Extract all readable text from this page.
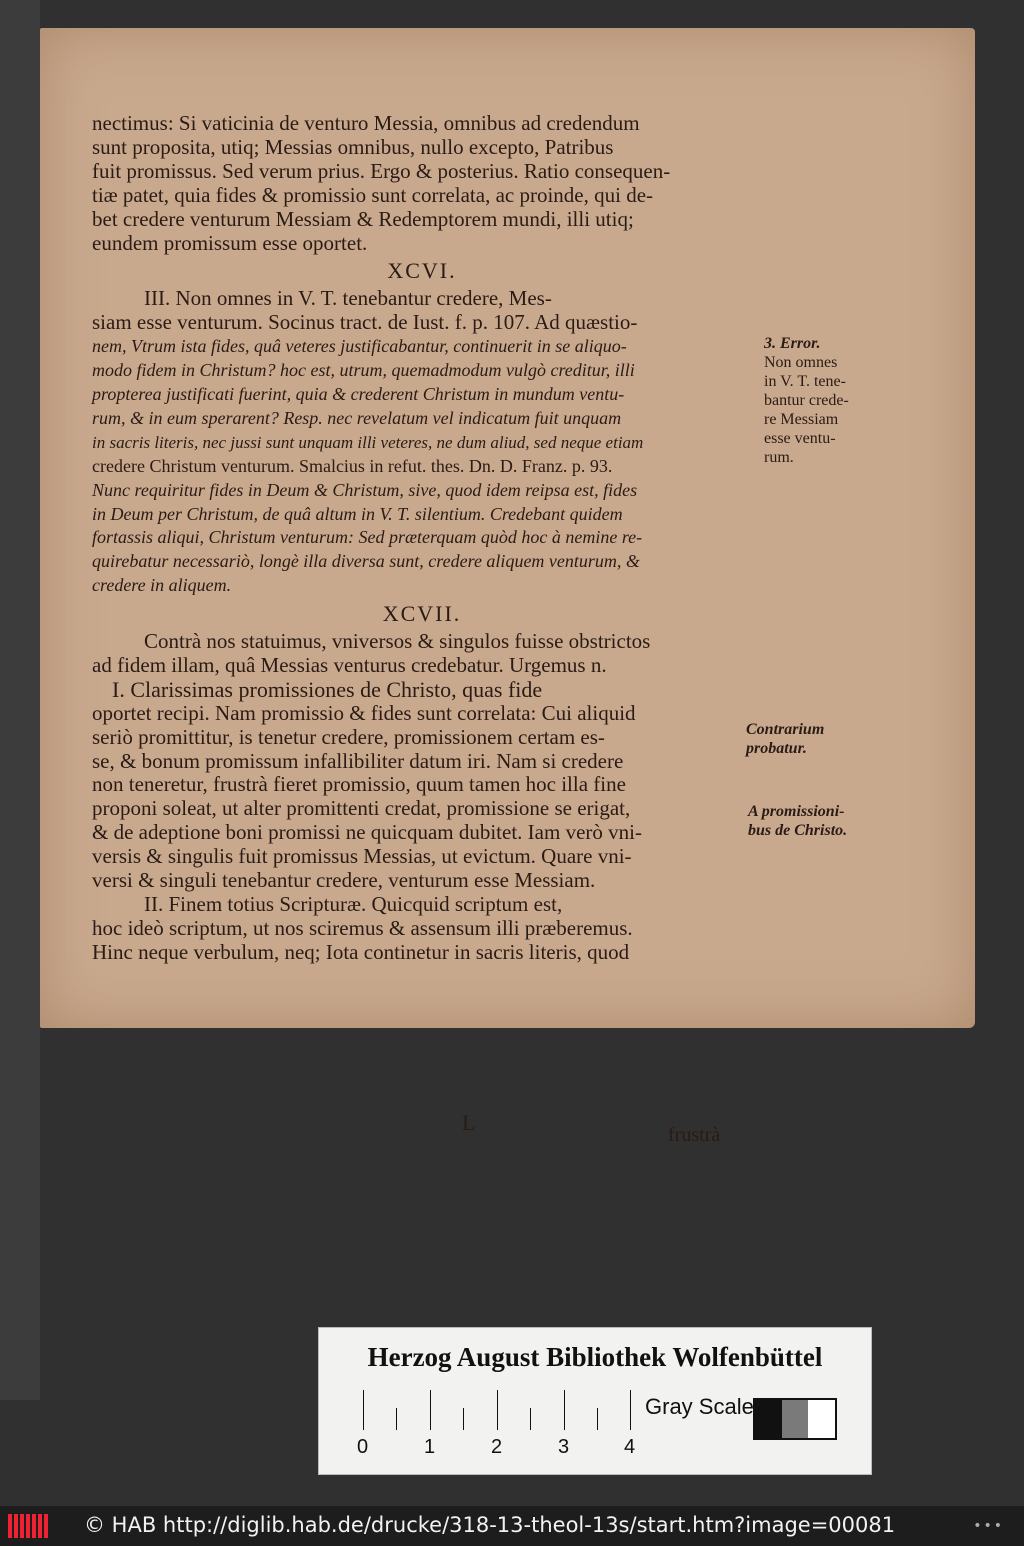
nectimus: Si vaticinia de venturo Messia, omnibus ad credendum

sunt proposita, utiq; Messias omnibus, nullo excepto, Patribus

fuit promissus. Sed verum prius. Ergo & posterius. Ratio consequen-

tiæ patet, quia fides & promissio sunt correlata, ac proinde, qui de-

bet credere venturum Messiam & Redemptorem mundi, illi utiq;

eundem promissum esse oportet.

XCVI.

III. Non omnes in V. T. tenebantur credere, Mes-

siam esse venturum. Socinus tract. de Iust. f. p. 107. Ad quæstio-

nem, Vtrum ista fides, quâ veteres justificabantur, continuerit in se aliquo-

modo fidem in Christum? hoc est, utrum, quemadmodum vulgò creditur, illi

propterea justificati fuerint, quia & crederent Christum in mundum ventu-

rum, & in eum sperarent? Resp. nec revelatum vel indicatum fuit unquam

in sacris literis, nec jussi sunt unquam illi veteres, ne dum aliud, sed neque etiam

credere Christum venturum. Smalcius in refut. thes. Dn. D. Franz. p. 93.

Nunc requiritur fides in Deum & Christum, sive, quod idem reipsa est, fides

in Deum per Christum, de quâ altum in V. T. silentium. Credebant quidem

fortassis aliqui, Christum venturum: Sed præterquam quòd hoc à nemine re-

quirebatur necessariò, longè illa diversa sunt, credere aliquem venturum, &

credere in aliquem.

XCVII.

Contrà nos statuimus, vniversos & singulos fuisse obstrictos

ad fidem illam, quâ Messias venturus credebatur. Urgemus n.

I. Clarissimas promissiones de Christo, quas fide

oportet recipi. Nam promissio & fides sunt correlata: Cui aliquid

seriò promittitur, is tenetur credere, promissionem certam es-

se, & bonum promissum infallibiliter datum iri. Nam si credere

non teneretur, frustrà fieret promissio, quum tamen hoc illa fine

proponi soleat, ut alter promittenti credat, promissione se erigat,

& de adeptione boni promissi ne quicquam dubitet. Iam verò vni-

versis & singulis fuit promissus Messias, ut evictum. Quare vni-

versi & singuli tenebantur credere, venturum esse Messiam.

II. Finem totius Scripturæ. Quicquid scriptum est,

hoc ideò scriptum, ut nos sciremus & assensum illi præberemus.

Hinc neque verbulum, neq; Iota continetur in sacris literis, quod

3. Error.
Non omnes
in V. T. tene-
bantur crede-
re Messiam
esse ventu-
rum.
Contrarium
probatur.
A promissioni-
bus de Christo.
L	frustrà
Herzog August Bibliothek Wolfenbüttel
0	1	2	3	4
Gray Scale
© HAB http://diglib.hab.de/drucke/318-13-theol-13s/start.htm?image=00081	•••
